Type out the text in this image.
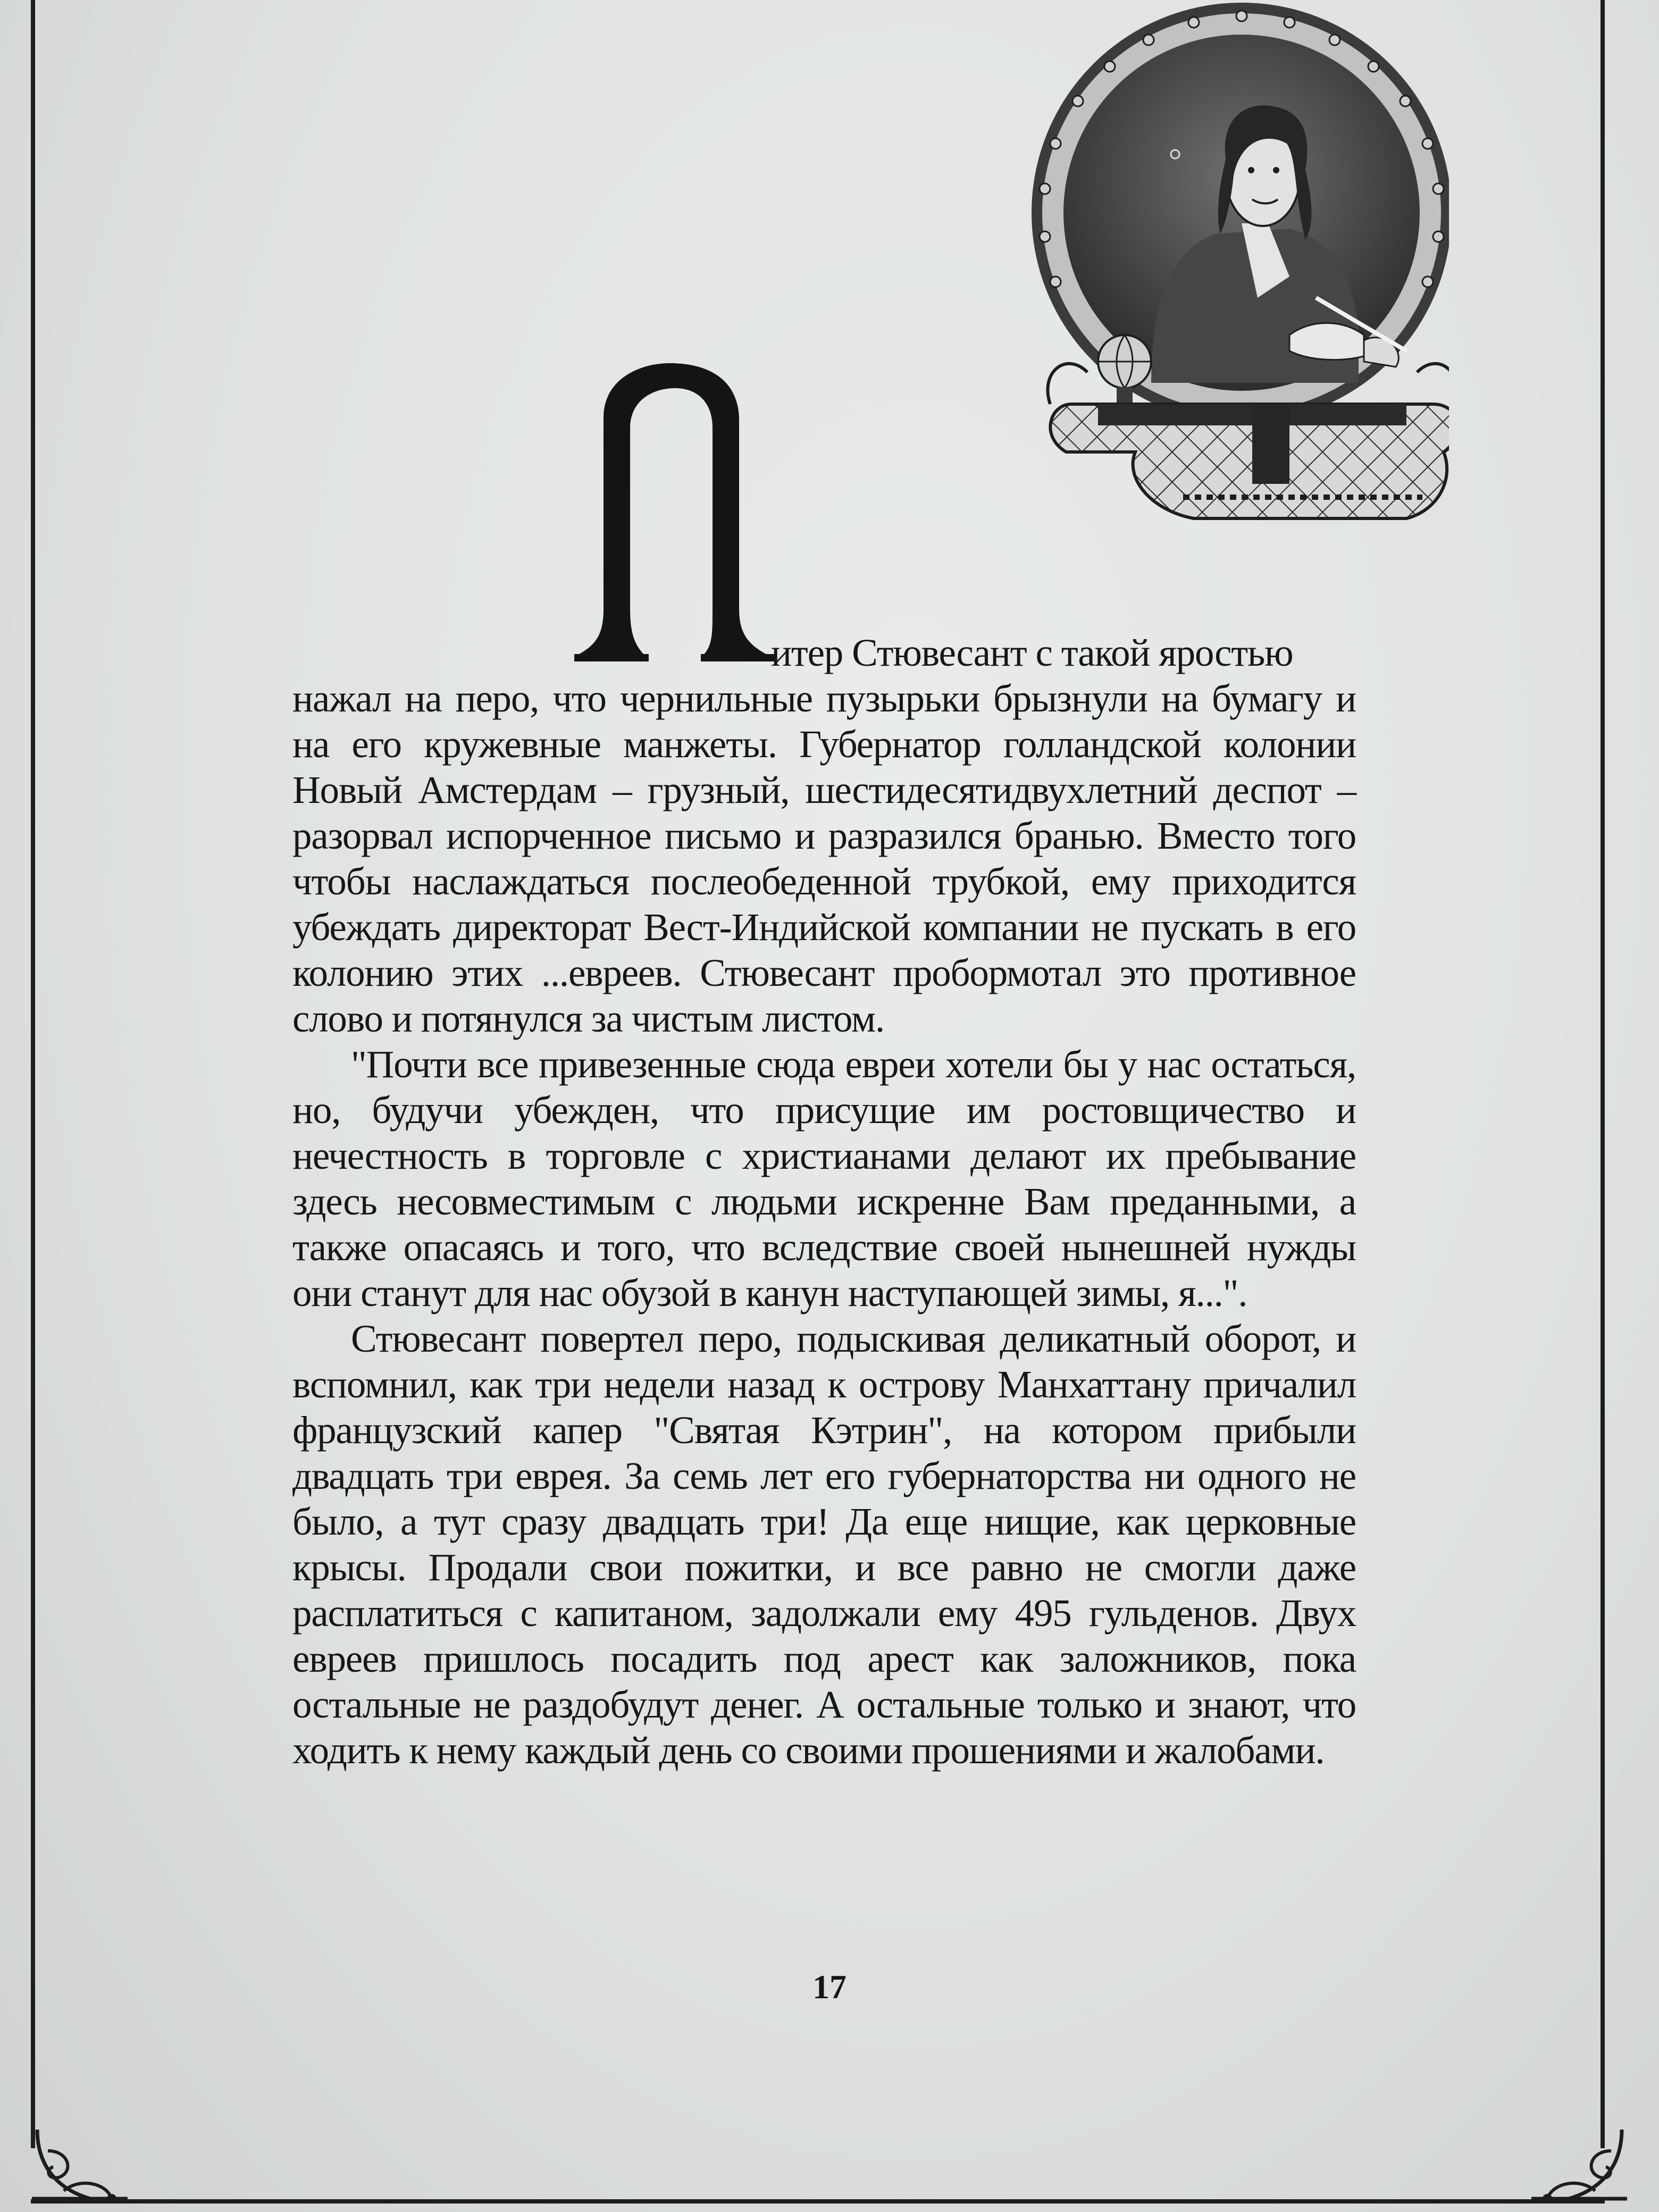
П

итер Стювесант с такой яростью
нажал на перо, что чернильные пузырьки брызнули на бумагу и на его кружевные манжеты. Губернатор голландской колонии Новый Амстердам – грузный, шестидесятидвухлетний деспот – разорвал испорченное письмо и разразился бранью. Вместо того чтобы наслаждаться послеобеденной трубкой, ему приходится убеждать директорат Вест-Индийской компании не пускать в его колонию этих ...евреев. Стювесант пробормотал это противное слово и потянулся за чистым листом.

"Почти все привезенные сюда евреи хотели бы у нас остаться, но, будучи убежден, что присущие им ростовщичество и нечестность в торговле с христианами делают их пребывание здесь несовместимым с людьми искренне Вам преданными, а также опасаясь и того, что вследствие своей нынешней нужды они станут для нас обузой в канун наступающей зимы, я...".

Стювесант повертел перо, подыскивая деликатный оборот, и вспомнил, как три недели назад к острову Манхаттану причалил французский капер "Святая Кэтрин", на котором прибыли двадцать три еврея. За семь лет его губернаторства ни одного не было, а тут сразу двадцать три! Да еще нищие, как церковные крысы. Продали свои пожитки, и все равно не смогли даже расплатиться с капитаном, задолжали ему 495 гульденов. Двух евреев пришлось посадить под арест как заложников, пока остальные не раздобудут денег. А остальные только и знают, что ходить к нему каждый день со своими прошениями и жалобами.

17
